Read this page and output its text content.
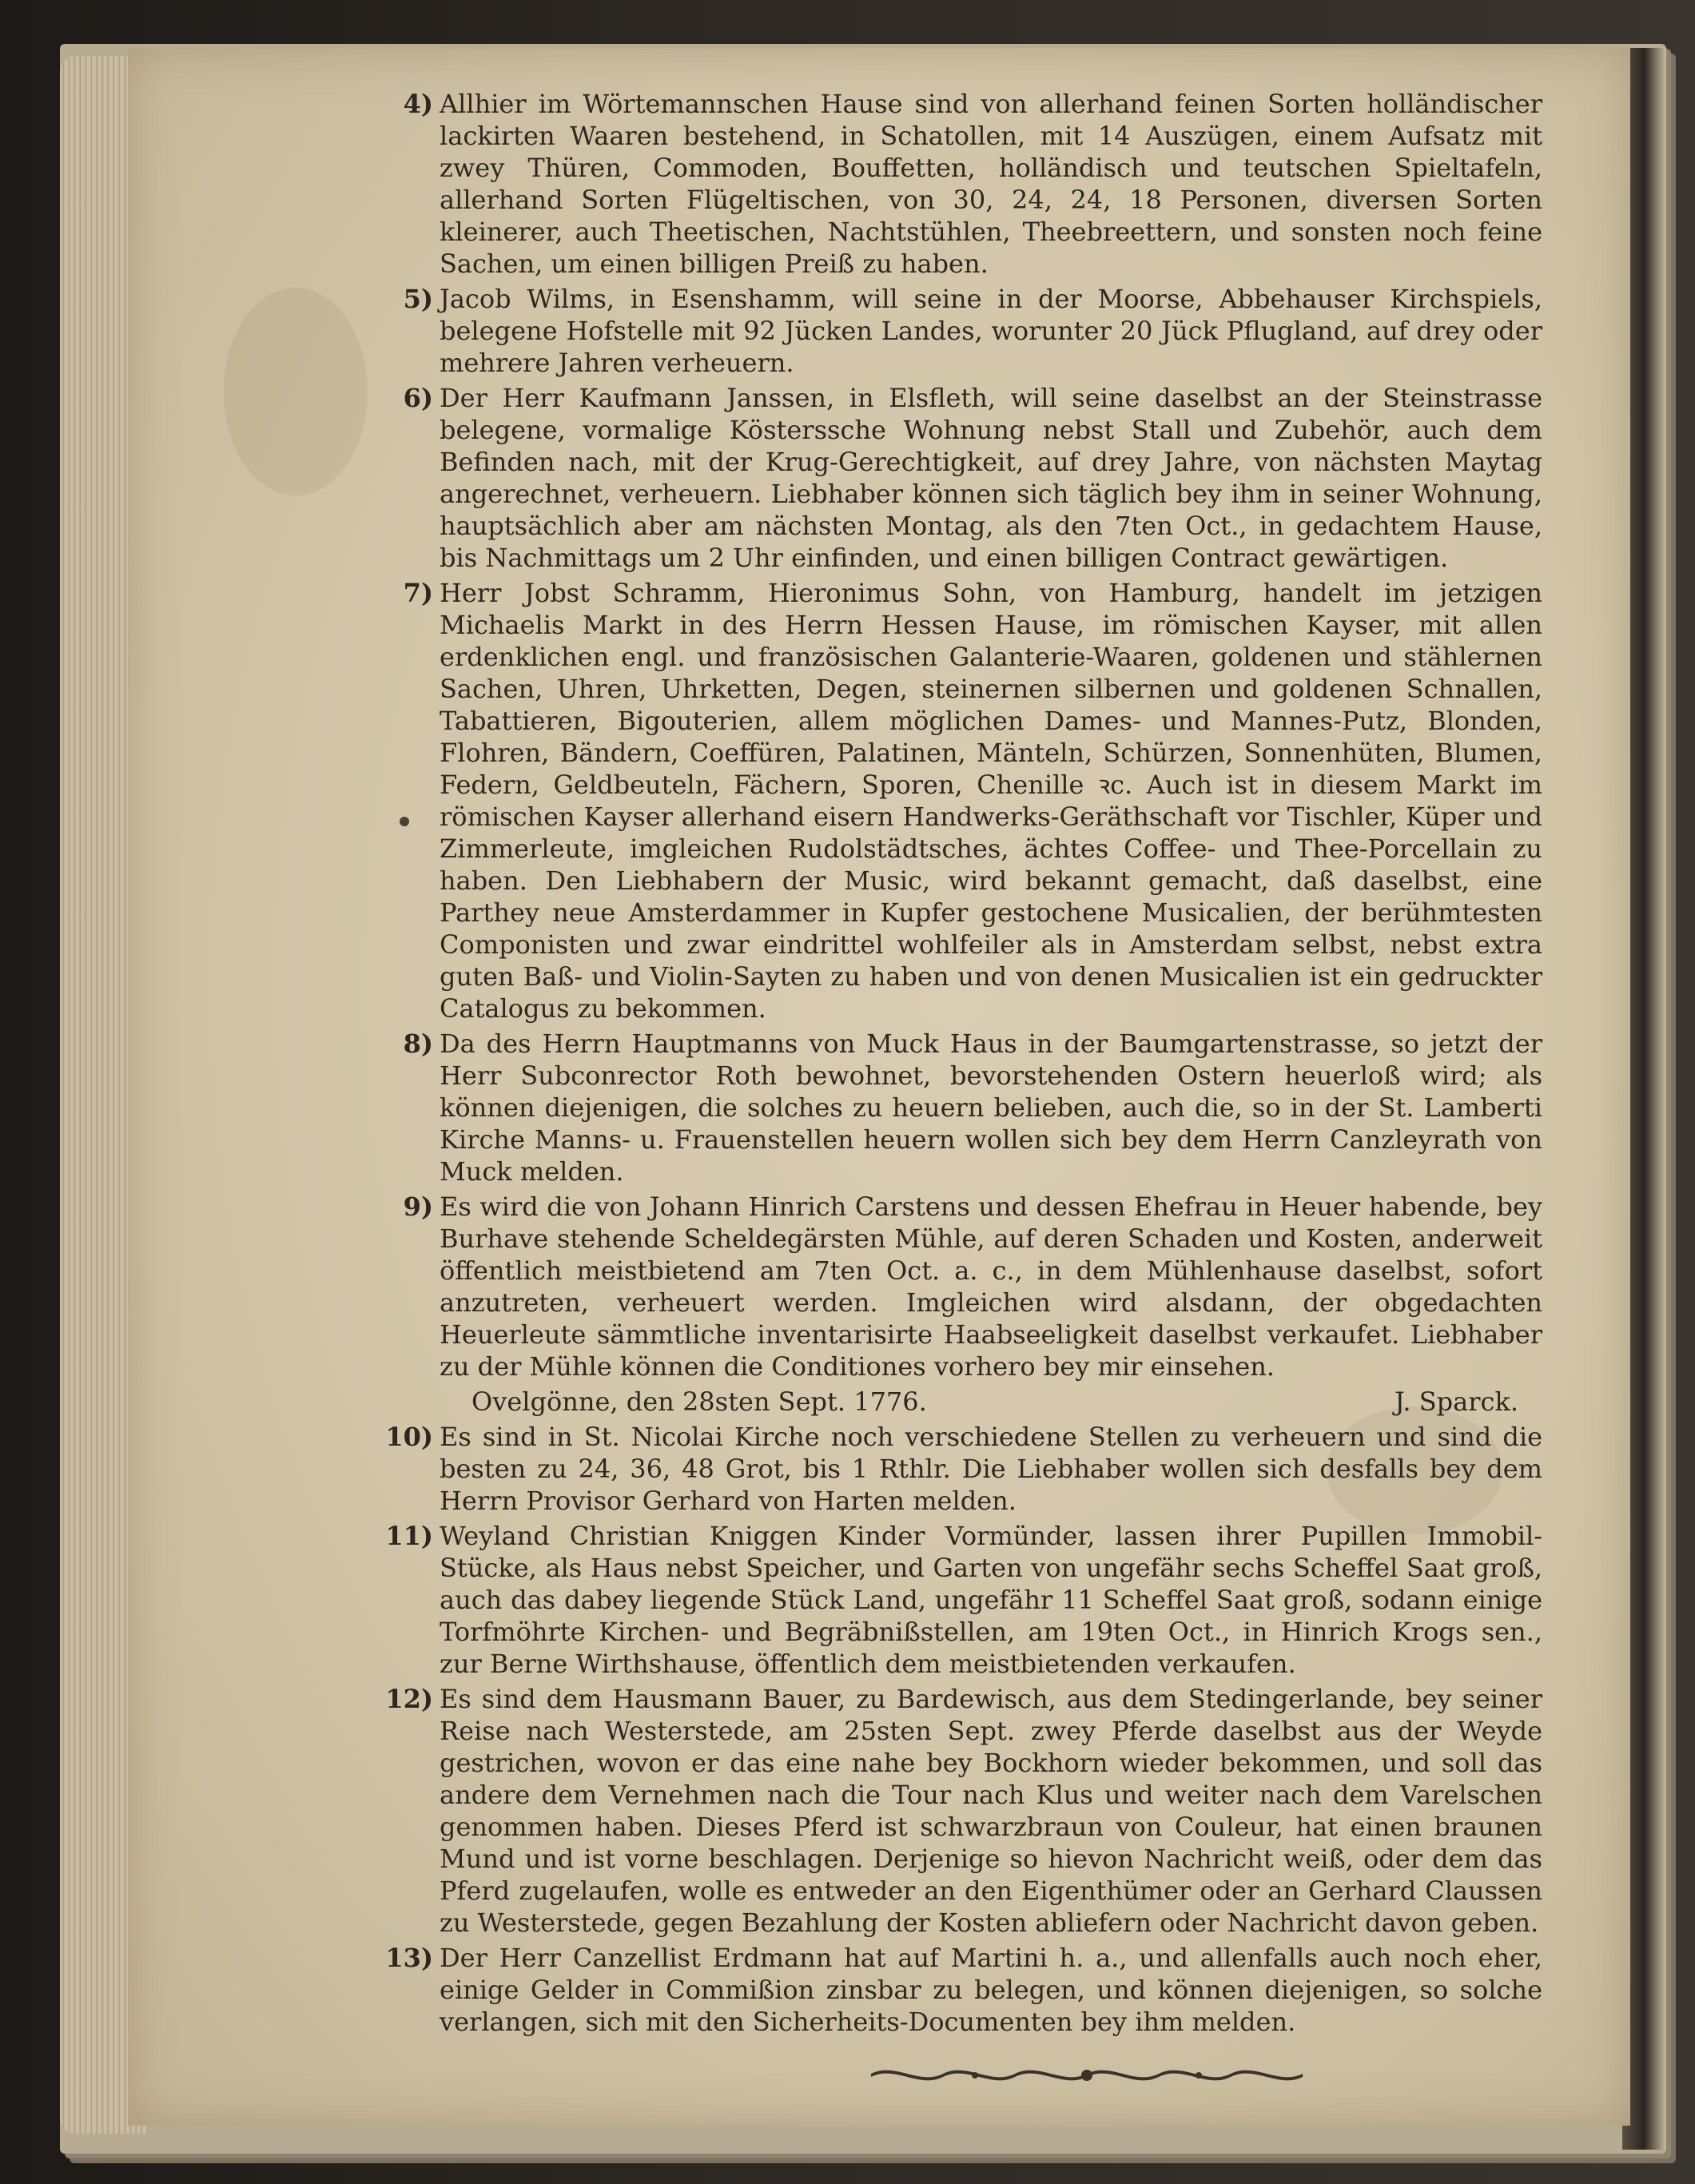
4) Allhier im Wörtemannschen Hause sind von allerhand feinen Sorten holländischer lackirten Waaren bestehend, in Schatollen, mit 14 Auszügen, einem Aufsatz mit zwey Thüren, Commoden, Bouffetten, holländisch und teutschen Spieltafeln, allerhand Sorten Flügeltischen, von 30, 24, 24, 18 Personen, diversen Sorten kleinerer, auch Theetischen, Nachtstühlen, Theebreettern, und sonsten noch feine Sachen, um einen billigen Preiß zu haben.
5) Jacob Wilms, in Esenshamm, will seine in der Moorse, Abbehauser Kirchspiels, belegene Hofstelle mit 92 Jücken Landes, worunter 20 Jück Pflugland, auf drey oder mehrere Jahren verheuern.
6) Der Herr Kaufmann Janssen, in Elsfleth, will seine daselbst an der Steinstrasse belegene, vormalige Kösterssche Wohnung nebst Stall und Zubehör, auch dem Befinden nach, mit der Krug-Gerechtigkeit, auf drey Jahre, von nächsten Maytag angerechnet, verheuern. Liebhaber können sich täglich bey ihm in seiner Wohnung, hauptsächlich aber am nächsten Montag, als den 7ten Oct., in gedachtem Hause, bis Nachmittags um 2 Uhr einfinden, und einen billigen Contract gewärtigen.
7) Herr Jobst Schramm, Hieronimus Sohn, von Hamburg, handelt im jetzigen Michaelis Markt in des Herrn Hessen Hause, im römischen Kayser, mit allen erdenklichen engl. und französischen Galanterie-Waaren, goldenen und stählernen Sachen, Uhren, Uhrketten, Degen, steinernen silbernen und goldenen Schnallen, Tabattieren, Bigouterien, allem möglichen Dames- und Mannes-Putz, Blonden, Flohren, Bändern, Coeffüren, Palatinen, Mänteln, Schürzen, Sonnenhüten, Blumen, Federn, Geldbeuteln, Fächern, Sporen, Chenille ꝛc. Auch ist in diesem Markt im römischen Kayser allerhand eisern Handwerks-Geräthschaft vor Tischler, Küper und Zimmerleute, imgleichen Rudolstädtsches, ächtes Coffee- und Thee-Porcellain zu haben. Den Liebhabern der Music, wird bekannt gemacht, daß daselbst, eine Parthey neue Amsterdammer in Kupfer gestochene Musicalien, der berühmtesten Componisten und zwar eindrittel wohlfeiler als in Amsterdam selbst, nebst extra guten Baß- und Violin-Sayten zu haben und von denen Musicalien ist ein gedruckter Catalogus zu bekommen.
8) Da des Herrn Hauptmanns von Muck Haus in der Baumgartenstrasse, so jetzt der Herr Subconrector Roth bewohnet, bevorstehenden Ostern heuerloß wird; als können diejenigen, die solches zu heuern belieben, auch die, so in der St. Lamberti Kirche Manns- u. Frauenstellen heuern wollen sich bey dem Herrn Canzleyrath von Muck melden.
9) Es wird die von Johann Hinrich Carstens und dessen Ehefrau in Heuer habende, bey Burhave stehende Scheldegärsten Mühle, auf deren Schaden und Kosten, anderweit öffentlich meistbietend am 7ten Oct. a. c., in dem Mühlenhause daselbst, sofort anzutreten, verheuert werden. Imgleichen wird alsdann, der obgedachten Heuerleute sämmtliche inventarisirte Haabseeligkeit daselbst verkaufet. Liebhaber zu der Mühle können die Conditiones vorhero bey mir einsehen.
Ovelgönne, den 28sten Sept. 1776.	J. Sparck.
10) Es sind in St. Nicolai Kirche noch verschiedene Stellen zu verheuern und sind die besten zu 24, 36, 48 Grot, bis 1 Rthlr. Die Liebhaber wollen sich desfalls bey dem Herrn Provisor Gerhard von Harten melden.
11) Weyland Christian Kniggen Kinder Vormünder, lassen ihrer Pupillen Immobil-Stücke, als Haus nebst Speicher, und Garten von ungefähr sechs Scheffel Saat groß, auch das dabey liegende Stück Land, ungefähr 11 Scheffel Saat groß, sodann einige Torfmöhrte Kirchen- und Begräbnißstellen, am 19ten Oct., in Hinrich Krogs sen., zur Berne Wirthshause, öffentlich dem meistbietenden verkaufen.
12) Es sind dem Hausmann Bauer, zu Bardewisch, aus dem Stedingerlande, bey seiner Reise nach Westerstede, am 25sten Sept. zwey Pferde daselbst aus der Weyde gestrichen, wovon er das eine nahe bey Bockhorn wieder bekommen, und soll das andere dem Vernehmen nach die Tour nach Klus und weiter nach dem Varelschen genommen haben. Dieses Pferd ist schwarzbraun von Couleur, hat einen braunen Mund und ist vorne beschlagen. Derjenige so hievon Nachricht weiß, oder dem das Pferd zugelaufen, wolle es entweder an den Eigenthümer oder an Gerhard Claussen zu Westerstede, gegen Bezahlung der Kosten abliefern oder Nachricht davon geben.
13) Der Herr Canzellist Erdmann hat auf Martini h. a., und allenfalls auch noch eher, einige Gelder in Commißion zinsbar zu belegen, und können diejenigen, so solche verlangen, sich mit den Sicherheits-Documenten bey ihm melden.
